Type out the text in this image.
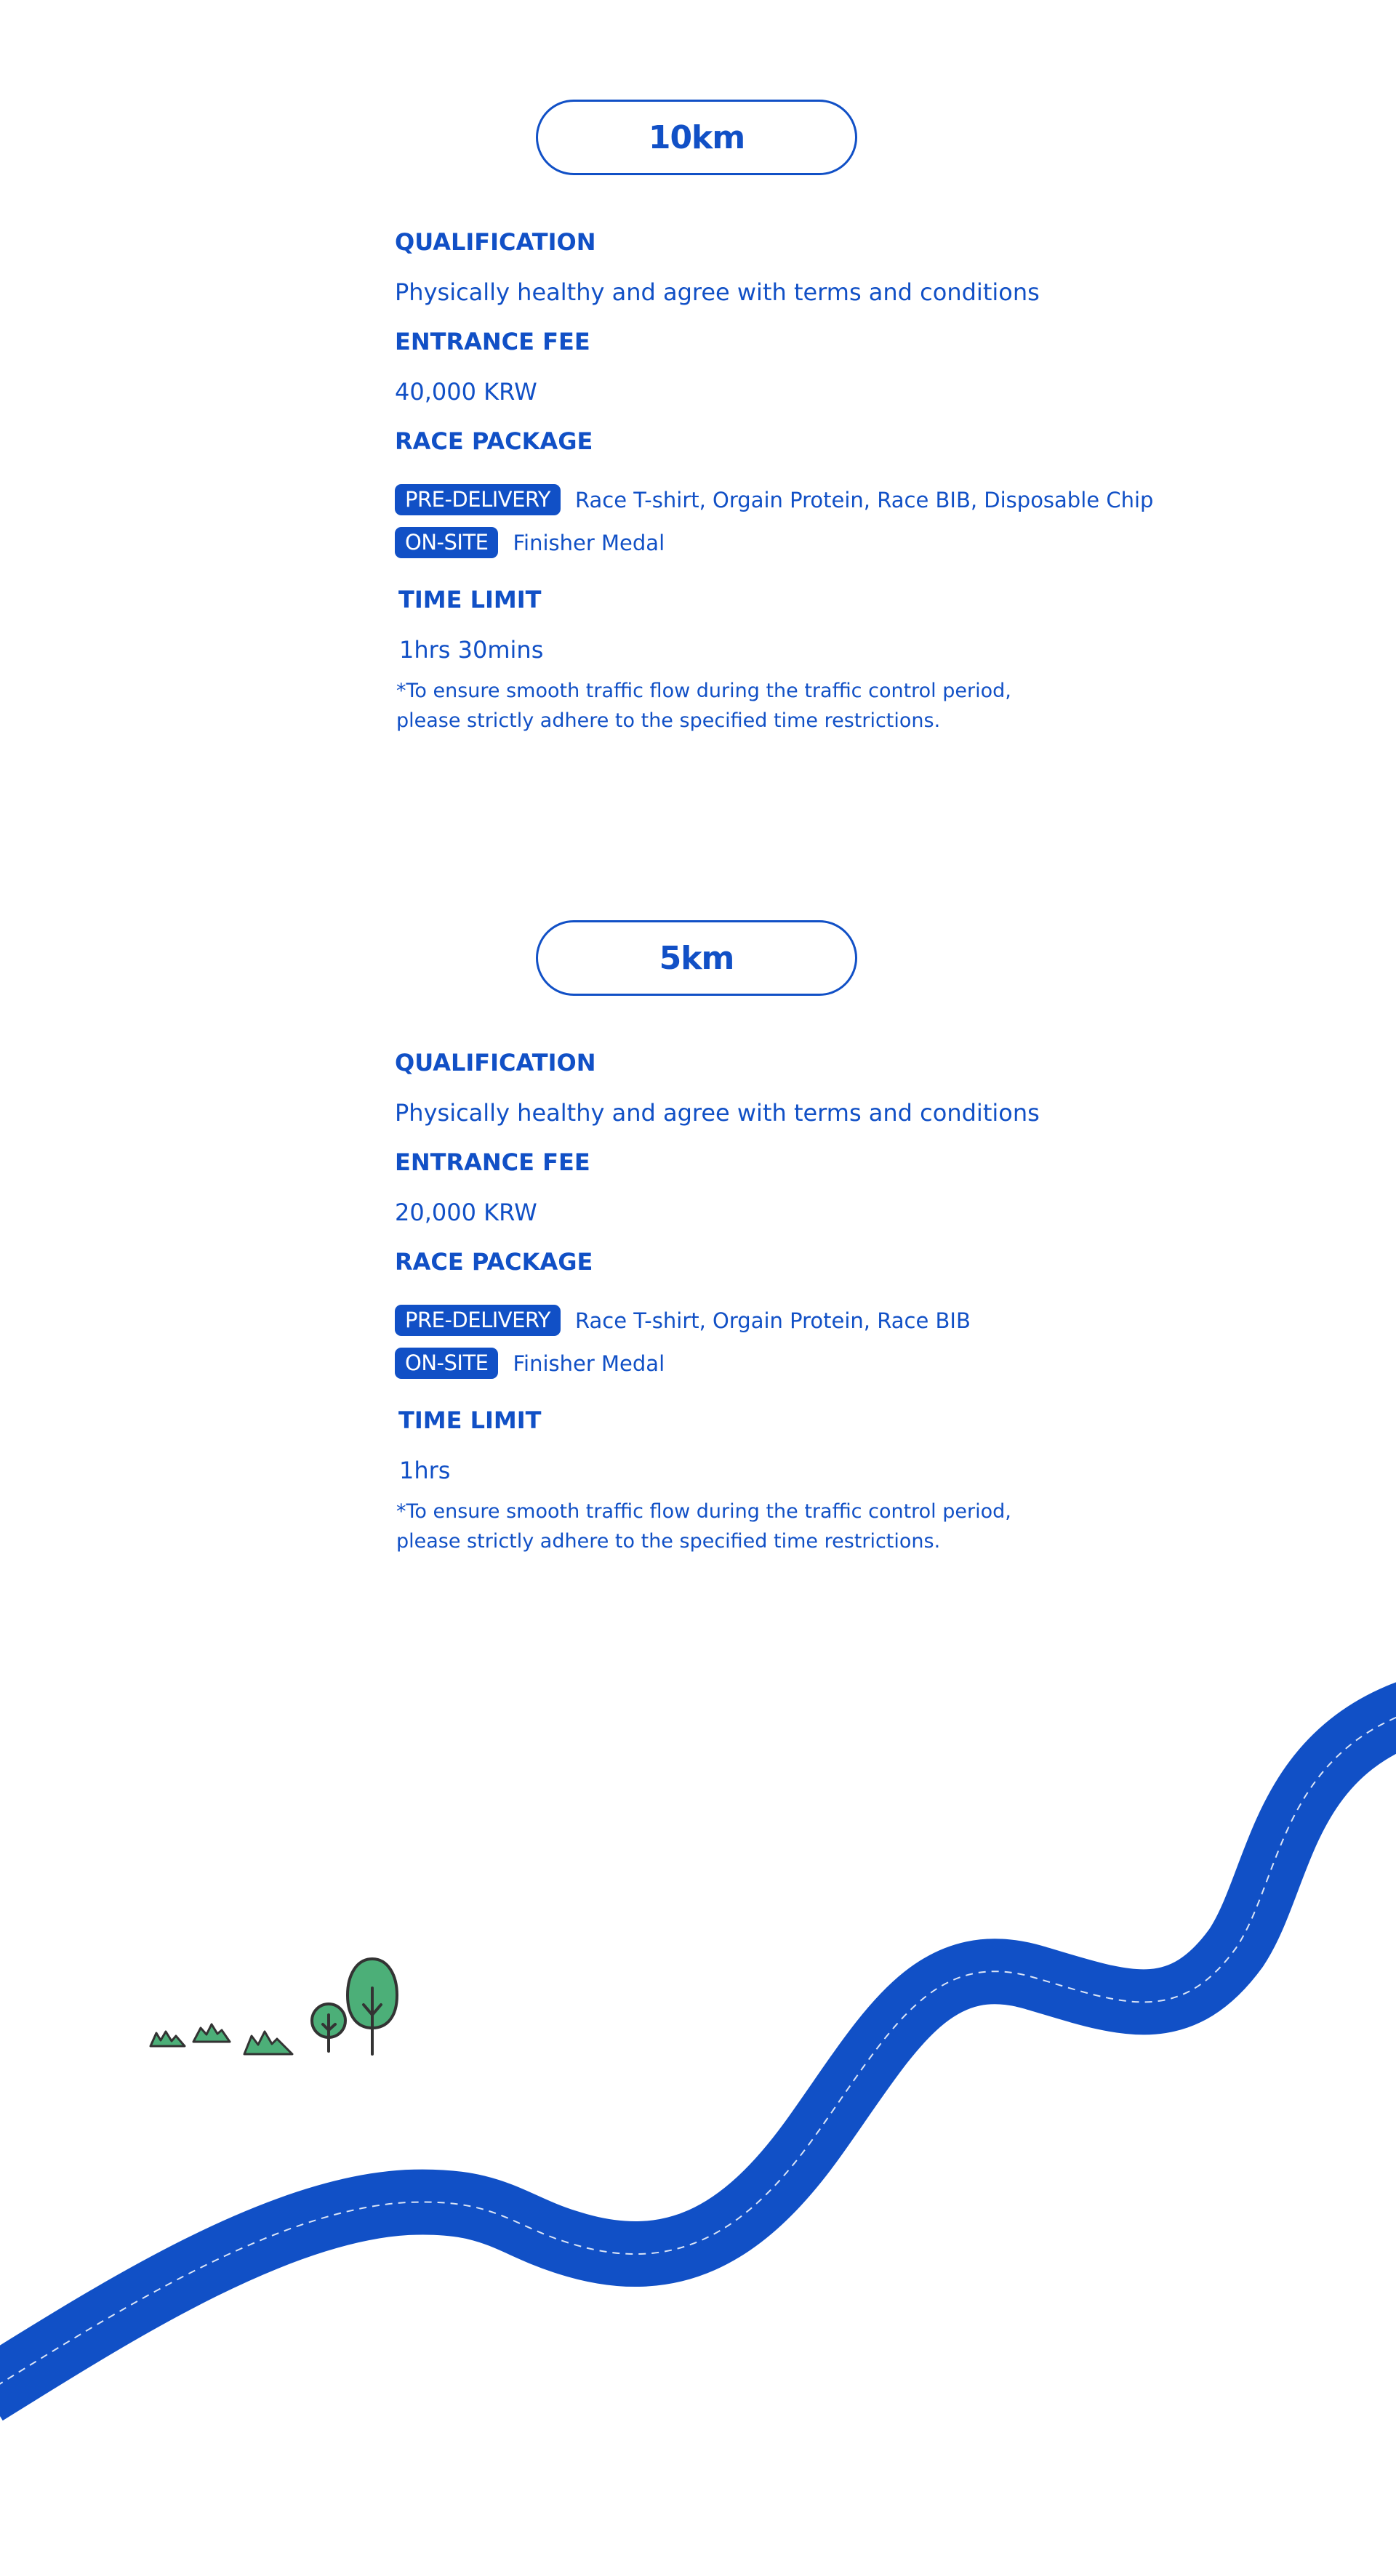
10km
QUALIFICATION
Physically healthy and agree with terms and conditions
ENTRANCE FEE
40,000 KRW
RACE PACKAGE
PRE-DELIVERY	Race T-shirt, Orgain Protein, Race BIB, Disposable Chip
ON-SITE	Finisher Medal
TIME LIMIT
1hrs 30mins
*To ensure smooth traffic flow during the traffic control period,
please strictly adhere to the specified time restrictions.
5km
QUALIFICATION
Physically healthy and agree with terms and conditions
ENTRANCE FEE
20,000 KRW
RACE PACKAGE
PRE-DELIVERY	Race T-shirt, Orgain Protein, Race BIB
ON-SITE	Finisher Medal
TIME LIMIT
1hrs
*To ensure smooth traffic flow during the traffic control period,
please strictly adhere to the specified time restrictions.
